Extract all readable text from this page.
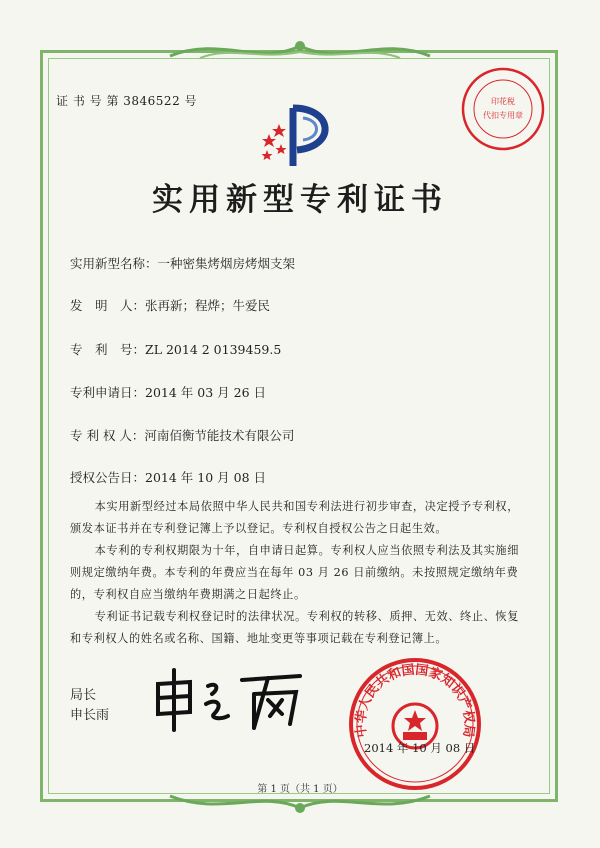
证 书 号 第 3846522 号	印花税
代扣专用章
实用新型专利证书
实用新型名称：一种密集烤烟房烤烟支架
发　明　人：张再新；程烨；牛爱民
专　利　号：ZL 2014 2 0139459.5
专利申请日：2014 年 03 月 26 日
专 利 权 人：河南佰衡节能技术有限公司
授权公告日：2014 年 10 月 08 日
本实用新型经过本局依照中华人民共和国专利法进行初步审查，决定授予专利权，颁发本证书并在专利登记簿上予以登记。专利权自授权公告之日起生效。
本专利的专利权期限为十年，自申请日起算。专利权人应当依照专利法及其实施细则规定缴纳年费。本专利的年费应当在每年 03 月 26 日前缴纳。未按照规定缴纳年费的，专利权自应当缴纳年费期满之日起终止。
专利证书记载专利权登记时的法律状况。专利权的转移、质押、无效、终止、恢复和专利权人的姓名或名称、国籍、地址变更等事项记载在专利登记簿上。
局长
申长雨
中华人民共和国国家知识产权局
2014 年 10 月 08 日
第 1 页（共 1 页）
